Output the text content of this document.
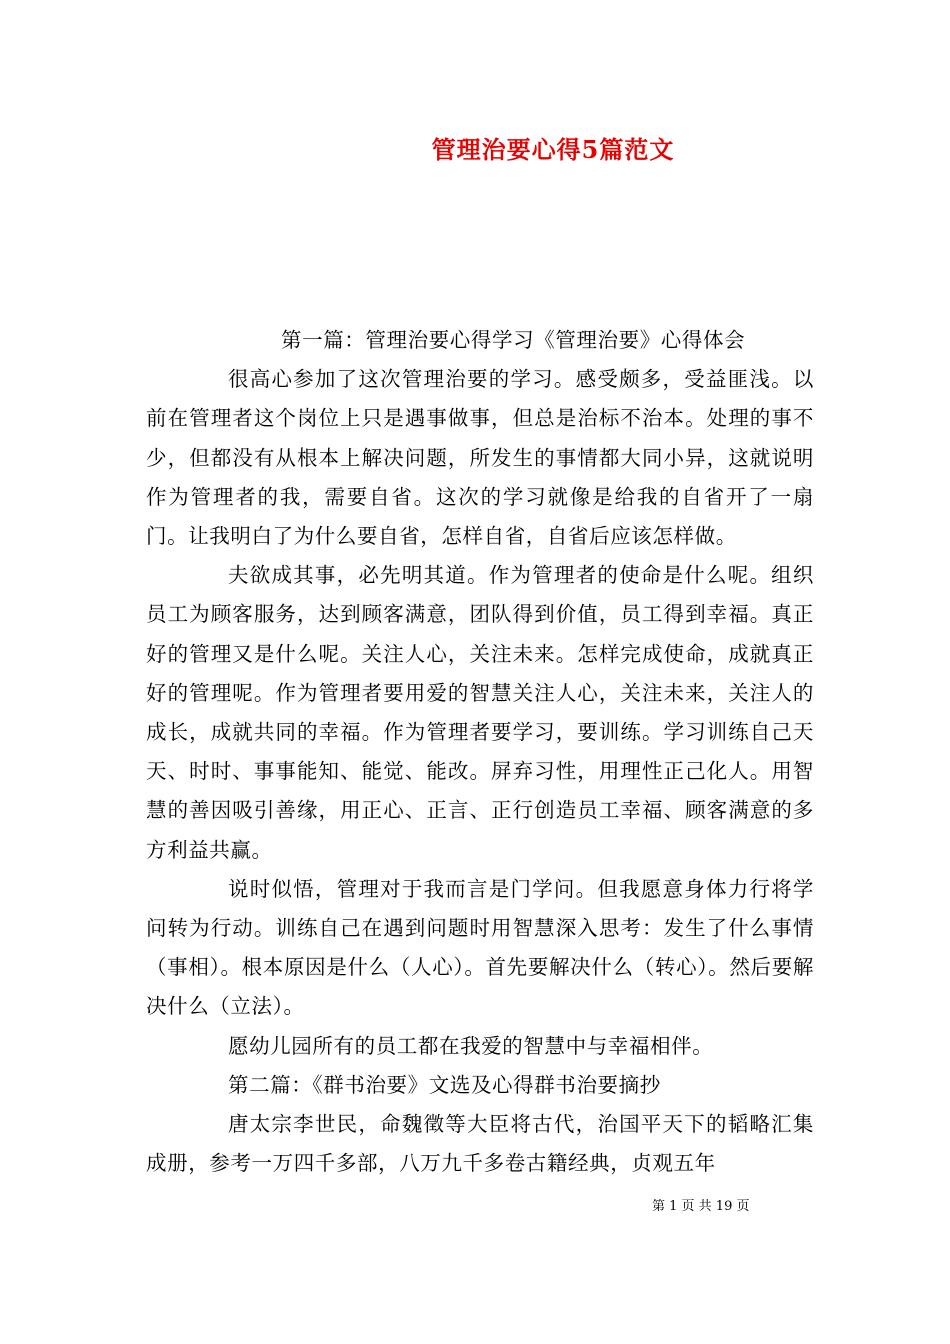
管理治要心得5篇范文

第一篇：管理治要心得学习《管理治要》心得体会

很高心参加了这次管理治要的学习。感受颇多，受益匪浅。以前在管理者这个岗位上只是遇事做事，但总是治标不治本。处理的事不少，但都没有从根本上解决问题，所发生的事情都大同小异，这就说明作为管理者的我，需要自省。这次的学习就像是给我的自省开了一扇门。让我明白了为什么要自省，怎样自省，自省后应该怎样做。

夫欲成其事，必先明其道。作为管理者的使命是什么呢。组织员工为顾客服务，达到顾客满意，团队得到价值，员工得到幸福。真正好的管理又是什么呢。关注人心，关注未来。怎样完成使命，成就真正好的管理呢。作为管理者要用爱的智慧关注人心，关注未来，关注人的成长，成就共同的幸福。作为管理者要学习，要训练。学习训练自己天天、时时、事事能知、能觉、能改。屏弃习性，用理性正己化人。用智慧的善因吸引善缘，用正心、正言、正行创造员工幸福、顾客满意的多方利益共赢。

说时似悟，管理对于我而言是门学问。但我愿意身体力行将学问转为行动。训练自己在遇到问题时用智慧深入思考：发生了什么事情（事相）。根本原因是什么（人心）。首先要解决什么（转心）。然后要解决什么（立法）。

愿幼儿园所有的员工都在我爱的智慧中与幸福相伴。

第二篇：《群书治要》文选及心得群书治要摘抄

唐太宗李世民，命魏徵等大臣将古代，治国平天下的韬略汇集成册，参考一万四千多部，八万九千多卷古籍经典，贞观五年

第 1 页 共 19 页
